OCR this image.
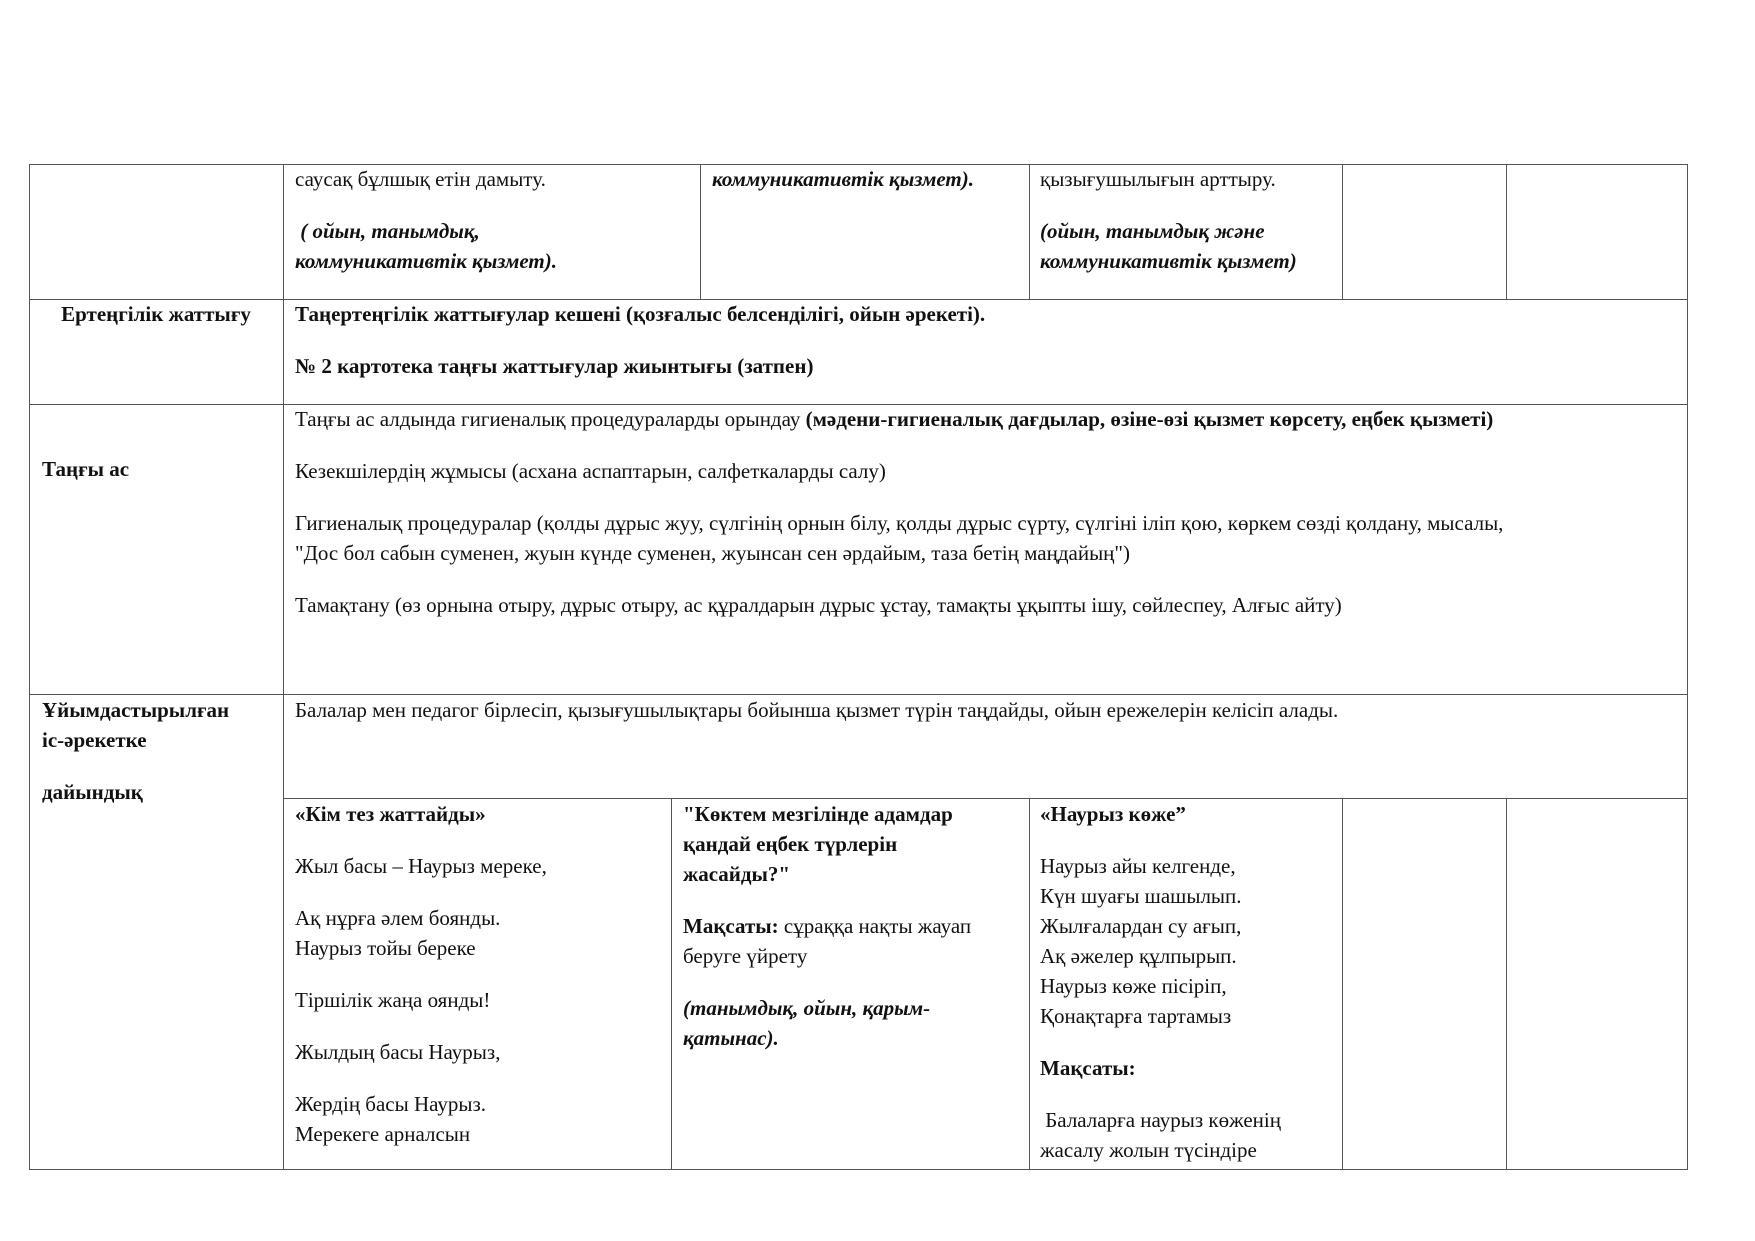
саусақ бұлшық етін дамыту.

( ойын, танымдық,

коммуникативтік қызмет).

коммуникативтік қызмет).	қызығушылығын арттыру.

(ойын, танымдық және

коммуникативтік қызмет)

Ертеңгілік жаттығу	Таңертеңгілік жаттығулар кешені (қозғалыс белсенділігі, ойын әрекеті).

№ 2 картотека таңғы жаттығулар жиынтығы (затпен)

Таңғы ас

Таңғы ас алдында гигиеналық процедураларды орындау (мәдени-гигиеналық дағдылар, өзіне-өзі қызмет көрсету, еңбек қызметі)

Кезекшілердің жұмысы (асхана аспаптарын, салфеткаларды салу)

Гигиеналық процедуралар (қолды дұрыс жуу, сүлгінің орнын білу, қолды дұрыс сүрту, сүлгіні іліп қою, көркем сөзді қолдану, мысалы,
"Дос бол сабын суменен, жуын күнде суменен, жуынсан сен әрдайым, таза бетің маңдайың")

Тамақтану (өз орнына отыру, дұрыс отыру, ас құралдарын дұрыс ұстау, тамақты ұқыпты ішу, сөйлеспеу, Алғыс айту)

Ұйымдастырылған

іс-әрекетке

дайындық

Балалар мен педагог бірлесіп, қызығушылықтары бойынша қызмет түрін таңдайды, ойын ережелерін келісіп алады.

«Кім тез жаттайды»

Жыл басы – Наурыз мереке,

Ақ нұрға әлем боянды.
Наурыз тойы береке

Тіршілік жаңа оянды!

Жылдың басы Наурыз,

Жердің басы Наурыз.
Мерекеге арналсын
"Көктем мезгілінде адамдар
қандай еңбек түрлерін
жасайды?"
Мақсаты: сұраққа нақты жауап
беруге үйрету
(танымдық, ойын, қарым-
қатынас).

«Наурыз көже”

Наурыз айы келгенде,
Күн шуағы шашылып.
Жылғалардан су ағып,
Ақ әжелер құлпырып.
Наурыз көже пісіріп,
Қонақтарға тартамыз

Мақсаты:

Балаларға наурыз көженің
жасалу жолын түсіндіре
